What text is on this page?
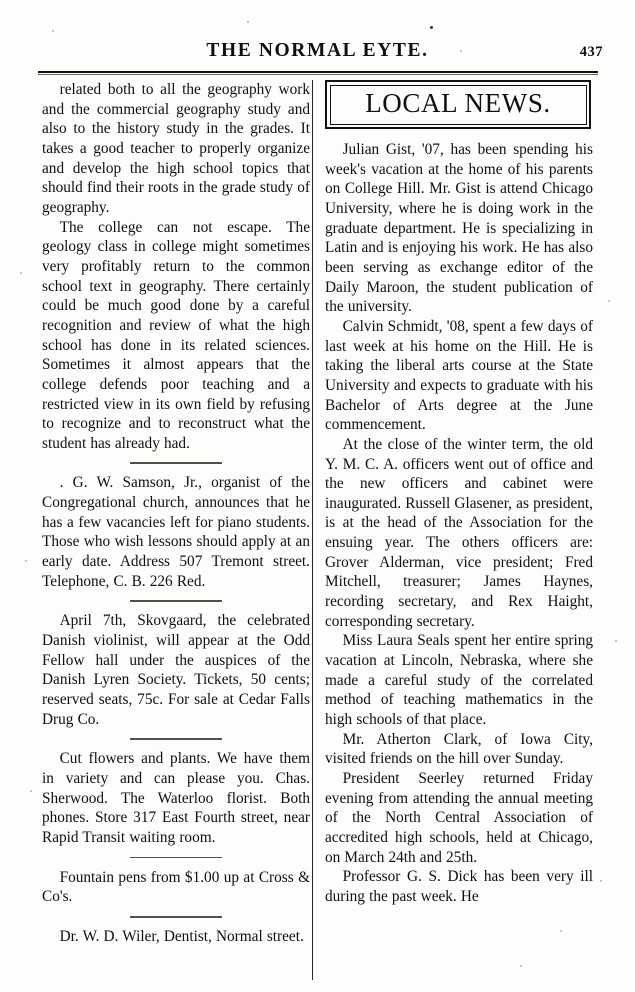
THE NORMAL EYTE.	437

related both to all the geography work and the commercial geography study and also to the history study in the grades. It takes a good teacher to properly organize and develop the high school topics that should find their roots in the grade study of geography.

The college can not escape. The geology class in college might sometimes very profitably return to the common school text in geography. There certainly could be much good done by a careful recognition and review of what the high school has done in its related sciences. Sometimes it almost appears that the college defends poor teaching and a restricted view in its own field by refusing to recognize and to reconstruct what the student has already had.

. G. W. Samson, Jr., organist of the Congregational church, announces that he has a few vacancies left for piano students. Those who wish lessons should apply at an early date. Address 507 Tremont street. Telephone, C. B. 226 Red.

April 7th, Skovgaard, the celebrated Danish violinist, will appear at the Odd Fellow hall under the auspices of the Danish Lyren Society. Tickets, 50 cents; reserved seats, 75c. For sale at Cedar Falls Drug Co.

Cut flowers and plants. We have them in variety and can please you. Chas. Sherwood. The Waterloo florist. Both phones. Store 317 East Fourth street, near Rapid Transit waiting room.

Fountain pens from $1.00 up at Cross & Co's.

Dr. W. D. Wiler, Dentist, Normal street.

LOCAL NEWS.

Julian Gist, '07, has been spending his week's vacation at the home of his parents on College Hill. Mr. Gist is attend Chicago University, where he is doing work in the graduate department. He is specializing in Latin and is enjoying his work. He has also been serving as exchange editor of the Daily Maroon, the student publication of the university.

Calvin Schmidt, '08, spent a few days of last week at his home on the Hill. He is taking the liberal arts course at the State University and expects to graduate with his Bachelor of Arts degree at the June commencement.

At the close of the winter term, the old Y. M. C. A. officers went out of office and the new officers and cabinet were inaugurated. Russell Glasener, as president, is at the head of the Association for the ensuing year. The others officers are: Grover Alderman, vice president; Fred Mitchell, treasurer; James Haynes, recording secretary, and Rex Haight, corresponding secretary.

Miss Laura Seals spent her entire spring vacation at Lincoln, Nebraska, where she made a careful study of the correlated method of teaching mathematics in the high schools of that place.

Mr. Atherton Clark, of Iowa City, visited friends on the hill over Sunday.

President Seerley returned Friday evening from attending the annual meeting of the North Central Association of accredited high schools, held at Chicago, on March 24th and 25th.

Professor G. S. Dick has been very ill during the past week. He
